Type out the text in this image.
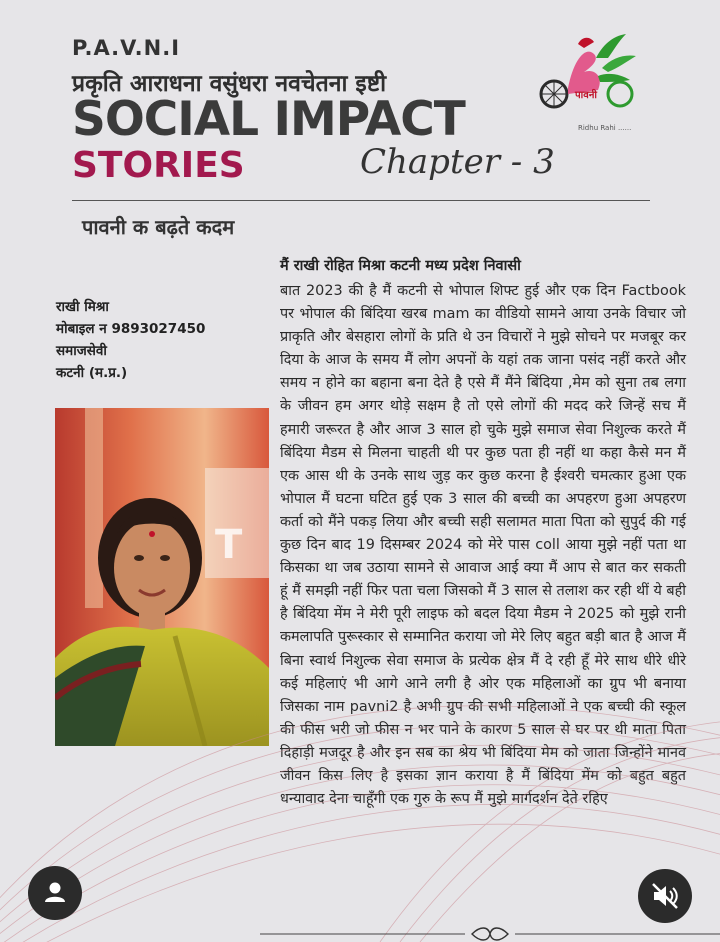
P.A.V.N.I
प्रकृति आराधना वसुंधरा नवचेतना इष्टी
SOCIAL IMPACT
STORIES	Chapter - 3
पावनी
Ridhu Rahi ......
पावनी क बढ़ते कदम
राखी मिश्रा
मोबाइल न 9893027450
समाजसेवी
कटनी (म.प्र.)
T
मैं राखी रोहित मिश्रा कटनी मध्य प्रदेश निवासी
बात 2023 की है मैं कटनी से भोपाल शिफ्ट हुई और एक दिन Factbook पर भोपाल की बिंदिया खरब mam का वीडियो सामने आया उनके विचार जो प्राकृति और बेसहारा लोगों के प्रति थे उन विचारों ने मुझे सोचने पर मजबूर कर दिया के आज के समय मैं लोग अपनों के यहां तक जाना पसंद नहीं करते और समय न होने का बहाना बना देते है एसे मैं मैंने बिंदिया ,मेम को सुना तब लगा के जीवन हम अगर थोड़े सक्षम है तो एसे लोगों की मदद करे जिन्हें सच मैं हमारी जरूरत है और आज 3 साल हो चुके मुझे समाज सेवा निशुल्क करते मैं बिंदिया मैडम से मिलना चाहती थी पर कुछ पता ही नहीं था कहा कैसे मन मैं एक आस थी के उनके साथ जुड़ कर कुछ करना है ईश्वरी चमत्कार हुआ एक भोपाल मैं घटना घटित हुई एक 3 साल की बच्ची का अपहरण हुआ अपहरण कर्ता को मैंने पकड़ लिया और बच्ची सही सलामत माता पिता को सुपुर्द की गई कुछ दिन बाद 19 दिसम्बर 2024 को मेरे पास coll आया मुझे नहीं पता था किसका था जब उठाया सामने से आवाज आई क्या मैं आप से बात कर सकती हूं मैं समझी नहीं फिर पता चला जिसको मैं 3 साल से तलाश कर रही थीं ये बही है बिंदिया मेंम ने मेरी पूरी लाइफ को बदल दिया मैडम ने 2025 को मुझे रानी कमलापति पुरूस्कार से सम्मानित कराया जो मेरे लिए बहुत बड़ी बात है आज मैं बिना स्वार्थ निशुल्क सेवा समाज के प्रत्येक क्षेत्र मैं दे रही हूँ मेरे साथ धीरे धीरे कई महिलाएं भी आगे आने लगी है ओर एक महिलाओं का ग्रुप भी बनाया जिसका नाम pavni2 है अभी ग्रुप की सभी महिलाओं ने एक बच्ची की स्कूल की फीस भरी जो फीस न भर पाने के कारण 5 साल से घर पर थी माता पिता दिहाड़ी मजदूर है और इन सब का श्रेय भी बिंदिया मेम को जाता जिन्होंने मानव जीवन किस लिए है इसका ज्ञान कराया है मैं बिंदिया मेंम को बहुत बहुत धन्यावाद देना चाहूँगी एक गुरु के रूप मैं मुझे मार्गदर्शन देते रहिए
